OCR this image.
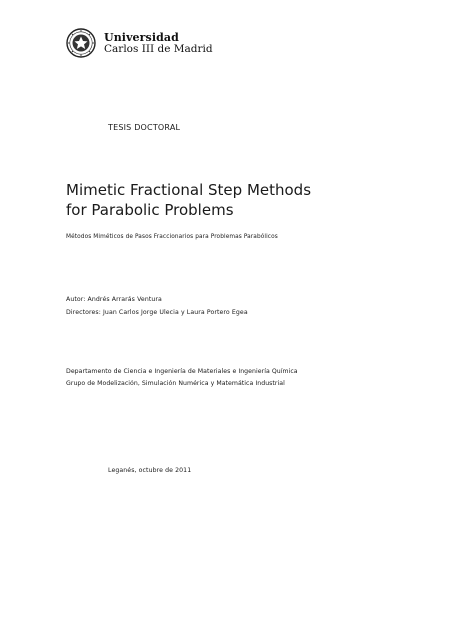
Universidad
Carlos III de Madrid
TESIS DOCTORAL
Mimetic Fractional Step Methods
for Parabolic Problems
Métodos Miméticos de Pasos Fraccionarios para Problemas Parabólicos
Autor: Andrés Arrarás Ventura
Directores: Juan Carlos Jorge Ulecia y Laura Portero Egea
Departamento de Ciencia e Ingeniería de Materiales e Ingeniería Química
Grupo de Modelización, Simulación Numérica y Matemática Industrial
Leganés, octubre de 2011
